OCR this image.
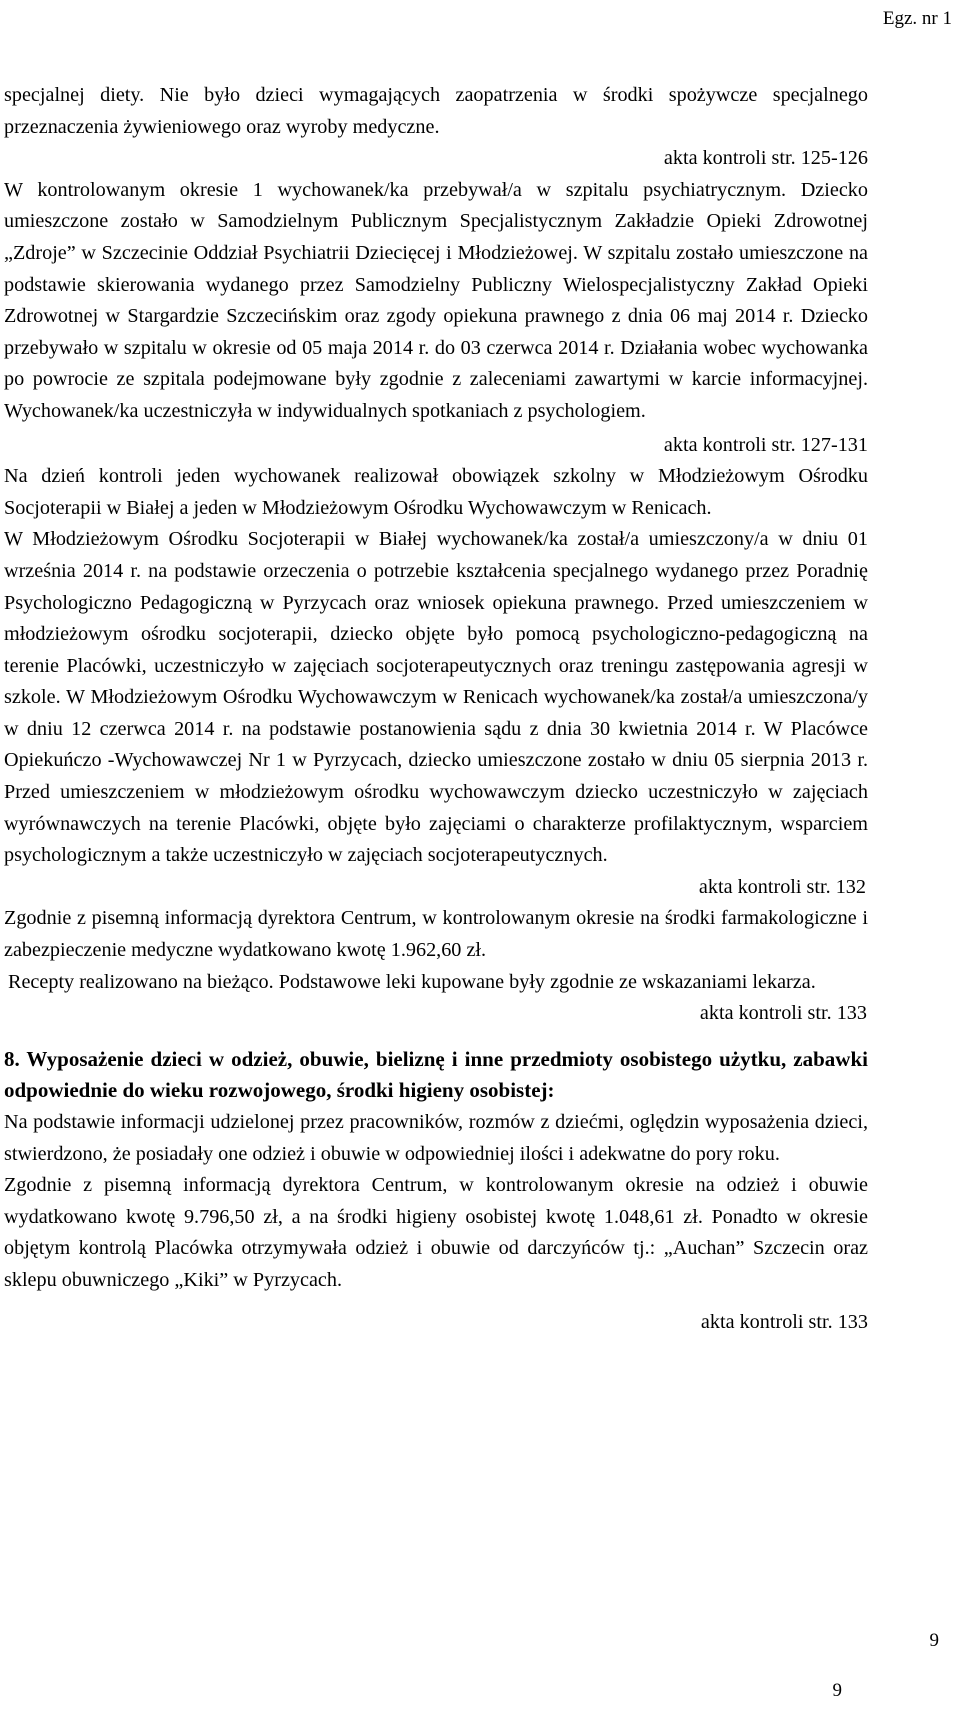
Egz. nr 1

specjalnej diety. Nie było dzieci wymagających zaopatrzenia w środki spożywcze specjalnego przeznaczenia żywieniowego oraz wyroby medyczne.

akta kontroli str. 125-126

W kontrolowanym okresie 1 wychowanek/ka przebywał/a w szpitalu psychiatrycznym. Dziecko umieszczone zostało w Samodzielnym Publicznym Specjalistycznym Zakładzie Opieki Zdrowotnej „Zdroje” w Szczecinie Oddział Psychiatrii Dziecięcej i Młodzieżowej. W szpitalu zostało umieszczone na podstawie skierowania wydanego przez Samodzielny Publiczny Wielospecjalistyczny Zakład Opieki Zdrowotnej w Stargardzie Szczecińskim oraz zgody opiekuna prawnego z dnia 06 maj 2014 r. Dziecko przebywało w szpitalu w okresie od 05 maja 2014 r. do 03 czerwca 2014 r. Działania wobec wychowanka po powrocie ze szpitala podejmowane były zgodnie z zaleceniami zawartymi w karcie informacyjnej. Wychowanek/ka uczestniczyła w indywidualnych spotkaniach z psychologiem.

akta kontroli str. 127-131

Na dzień kontroli jeden wychowanek realizował obowiązek szkolny w Młodzieżowym Ośrodku Socjoterapii w Białej a jeden w Młodzieżowym Ośrodku Wychowawczym w Renicach.

W Młodzieżowym Ośrodku Socjoterapii w Białej wychowanek/ka został/a umieszczony/a w dniu 01 września 2014 r. na podstawie orzeczenia o potrzebie kształcenia specjalnego wydanego przez Poradnię Psychologiczno Pedagogiczną w Pyrzycach oraz wniosek opiekuna prawnego. Przed umieszczeniem w młodzieżowym ośrodku socjoterapii, dziecko objęte było pomocą psychologiczno-pedagogiczną na terenie Placówki, uczestniczyło w zajęciach socjoterapeutycznych oraz treningu zastępowania agresji w szkole. W Młodzieżowym Ośrodku Wychowawczym w Renicach wychowanek/ka został/a umieszczona/y w dniu 12 czerwca 2014 r. na podstawie postanowienia sądu z dnia 30 kwietnia 2014 r. W Placówce Opiekuńczo -Wychowawczej Nr 1 w Pyrzycach, dziecko umieszczone zostało w dniu 05 sierpnia 2013 r. Przed umieszczeniem w młodzieżowym ośrodku wychowawczym dziecko uczestniczyło w zajęciach wyrównawczych na terenie Placówki, objęte było zajęciami o charakterze profilaktycznym, wsparciem psychologicznym a także uczestniczyło w zajęciach socjoterapeutycznych.

akta kontroli str. 132

Zgodnie z pisemną informacją dyrektora Centrum, w kontrolowanym okresie na środki farmakologiczne i zabezpieczenie medyczne wydatkowano kwotę 1.962,60 zł.

Recepty realizowano na bieżąco. Podstawowe leki kupowane były zgodnie ze wskazaniami lekarza.

akta kontroli str. 133

8. Wyposażenie dzieci w odzież, obuwie, bieliznę i inne przedmioty osobistego użytku, zabawki odpowiednie do wieku rozwojowego, środki higieny osobistej:

Na podstawie informacji udzielonej przez pracowników, rozmów z dziećmi, oględzin wyposażenia dzieci, stwierdzono, że posiadały one odzież i obuwie w odpowiedniej ilości i adekwatne do pory roku.

Zgodnie z pisemną informacją dyrektora Centrum, w kontrolowanym okresie na odzież i obuwie wydatkowano kwotę 9.796,50 zł, a na środki higieny osobistej kwotę 1.048,61 zł. Ponadto w okresie objętym kontrolą Placówka otrzymywała odzież i obuwie od darczyńców tj.: „Auchan” Szczecin oraz sklepu obuwniczego „Kiki” w Pyrzycach.

akta kontroli str. 133

9
9
